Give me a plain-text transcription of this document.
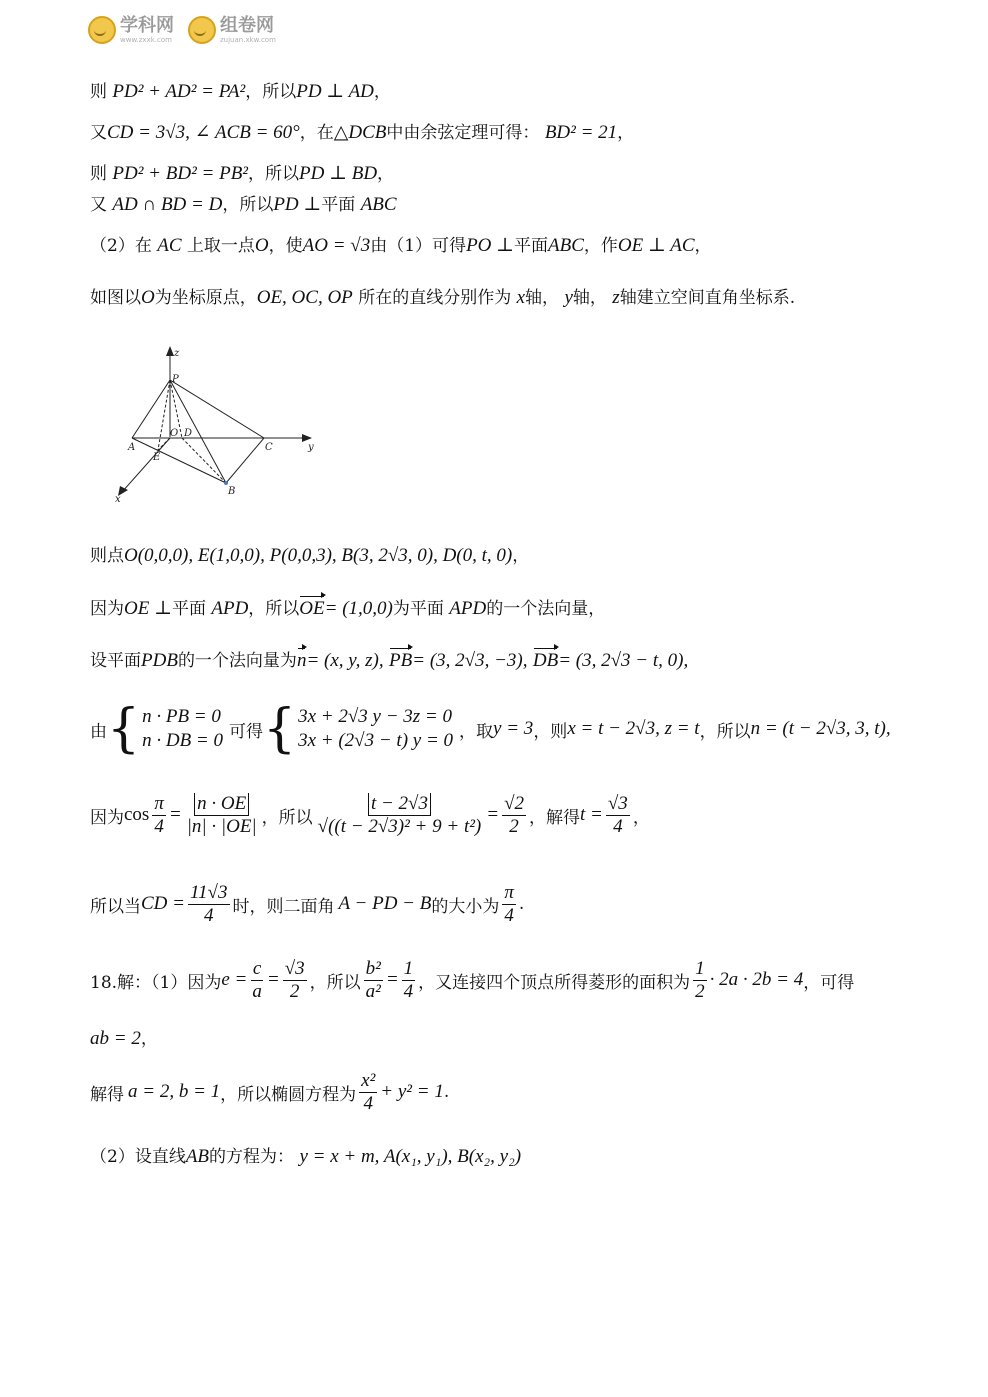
学科网
www.zxxk.com
组卷网
zujuan.xkw.com
则 PD² + AD² = PA²，所以PD ⊥ AD，
又CD = 3√3, ∠ ACB = 60°，在△DCB中由余弦定理可得： BD² = 21，
则 PD² + BD² = PB²，所以PD ⊥ BD，
又 AD ∩ BD = D，所以PD ⊥平面 ABC
（2）在 AC 上取一点O，使AO = √3由（1）可得PO ⊥平面ABC，作OE ⊥ AC，
如图以O为坐标原点，OE, OC, OP 所在的直线分别作为 x轴， y轴， z轴建立空间直角坐标系.
z
P
O D
A
E
C	y
B
x
则点O(0,0,0), E(1,0,0), P(0,0,3), B(3, 2√3, 0), D(0, t, 0)，
因为OE ⊥平面 APD，所以OE= (1,0,0)为平面 APD的一个法向量，
设平面PDB的一个法向量为n= (x, y, z), PB= (3, 2√3, −3), DB= (3, 2√3 − t, 0),
由 { n · PB = 0
n · DB = 0 可得 { 3x + 2√3 y − 3z = 0
3x + (2√3 − t) y = 0 ，取 y = 3 ，则 x = t − 2√3, z = t ，所以 n = (t − 2√3, 3, t),
因为 $\cos \frac{\pi}{4} = \frac{n \cdot OE}{|n| \cdot |OE|}$ ，所以 $\frac{t - 2√3}{\text{√((t − 2√3)² + 9 + t²)}} = \frac{√2}{2}$ ，解得 $t = \frac{√3}{4}$ ，
所以当 CD = $\frac{11√3}{4}$ 时，则二面角 A − PD − B 的大小为 $\frac{\pi}{4}$ .
18.解：（1）因为 $e = \frac{c}{a} = \frac{√3}{2}$ ，所以 $\frac{\text{b²}}{\text{a²}} = \frac{1}{4}$ ，又连接四个顶点所得菱形的面积为 $\frac{1}{2} \cdot 2a \cdot 2b = 4$ ，可得
ab = 2，
解得 a = 2, b = 1 ，所以椭圆方程为 $\frac{\text{x²}}{4} + y^2 = 1$ .
（2）设直线AB的方程为： y = x + m, A(x₁, y₁), B(x₂, y₂)
